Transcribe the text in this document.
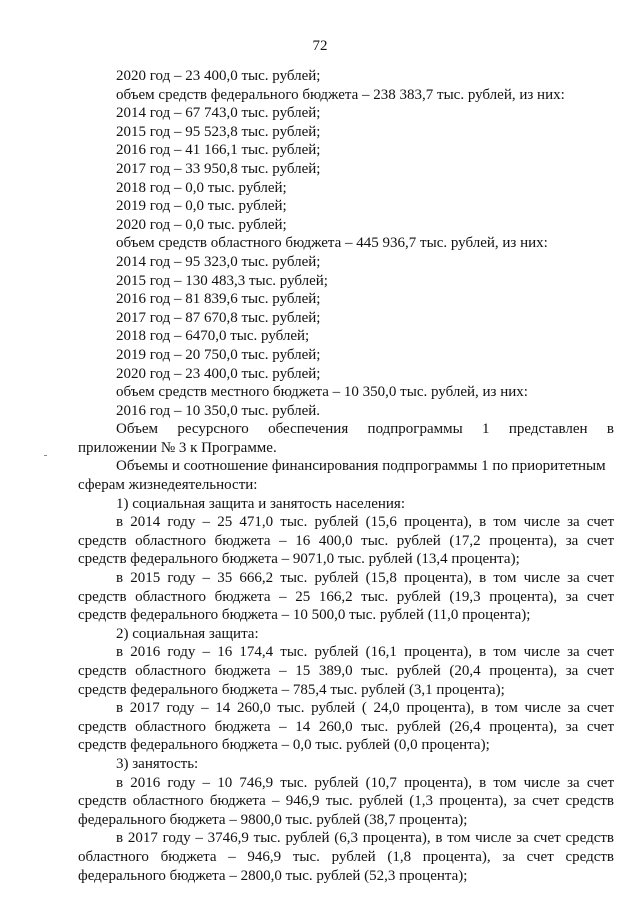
72
2020 год – 23 400,0 тыс. рублей;
объем средств федерального бюджета – 238 383,7 тыс. рублей, из них:
2014 год – 67 743,0 тыс. рублей;
2015 год – 95 523,8 тыс. рублей;
2016 год – 41 166,1 тыс. рублей;
2017 год – 33 950,8 тыс. рублей;
2018 год – 0,0 тыс. рублей;
2019 год – 0,0 тыс. рублей;
2020 год – 0,0 тыс. рублей;
объем средств областного бюджета – 445 936,7 тыс. рублей, из них:
2014 год – 95 323,0 тыс. рублей;
2015 год – 130 483,3 тыс. рублей;
2016 год – 81 839,6 тыс. рублей;
2017 год – 87 670,8 тыс. рублей;
2018 год – 6470,0 тыс. рублей;
2019 год – 20 750,0 тыс. рублей;
2020 год – 23 400,0 тыс. рублей;
объем средств местного бюджета – 10 350,0 тыс. рублей, из них:
2016 год – 10 350,0 тыс. рублей.
Объем ресурсного обеспечения подпрограммы 1 представлен в
приложении № 3 к Программе.
Объемы и соотношение финансирования подпрограммы 1 по приоритетным
сферам жизнедеятельности:
1) социальная защита и занятость населения:
в 2014 году – 25 471,0 тыс. рублей (15,6 процента), в том числе за счет
средств областного бюджета – 16 400,0 тыс. рублей (17,2 процента), за счет
средств федерального бюджета – 9071,0 тыс. рублей (13,4 процента);
в 2015 году – 35 666,2 тыс. рублей (15,8 процента), в том числе за счет
средств областного бюджета – 25 166,2 тыс. рублей (19,3 процента), за счет
средств федерального бюджета – 10 500,0 тыс. рублей (11,0 процента);
2) социальная защита:
в 2016 году – 16 174,4 тыс. рублей (16,1 процента), в том числе за счет
средств областного бюджета – 15 389,0 тыс. рублей (20,4 процента), за счет
средств федерального бюджета – 785,4 тыс. рублей (3,1 процента);
в 2017 году – 14 260,0 тыс. рублей ( 24,0 процента), в том числе за счет
средств областного бюджета – 14 260,0 тыс. рублей (26,4 процента), за счет
средств федерального бюджета – 0,0 тыс. рублей (0,0 процента);
3) занятость:
в 2016 году – 10 746,9 тыс. рублей (10,7 процента), в том числе за счет
средств областного бюджета – 946,9 тыс. рублей (1,3 процента), за счет средств
федерального бюджета – 9800,0 тыс. рублей (38,7 процента);
в 2017 году – 3746,9 тыс. рублей (6,3 процента), в том числе за счет средств
областного бюджета – 946,9 тыс. рублей (1,8 процента), за счет средств
федерального бюджета – 2800,0 тыс. рублей (52,3 процента);
